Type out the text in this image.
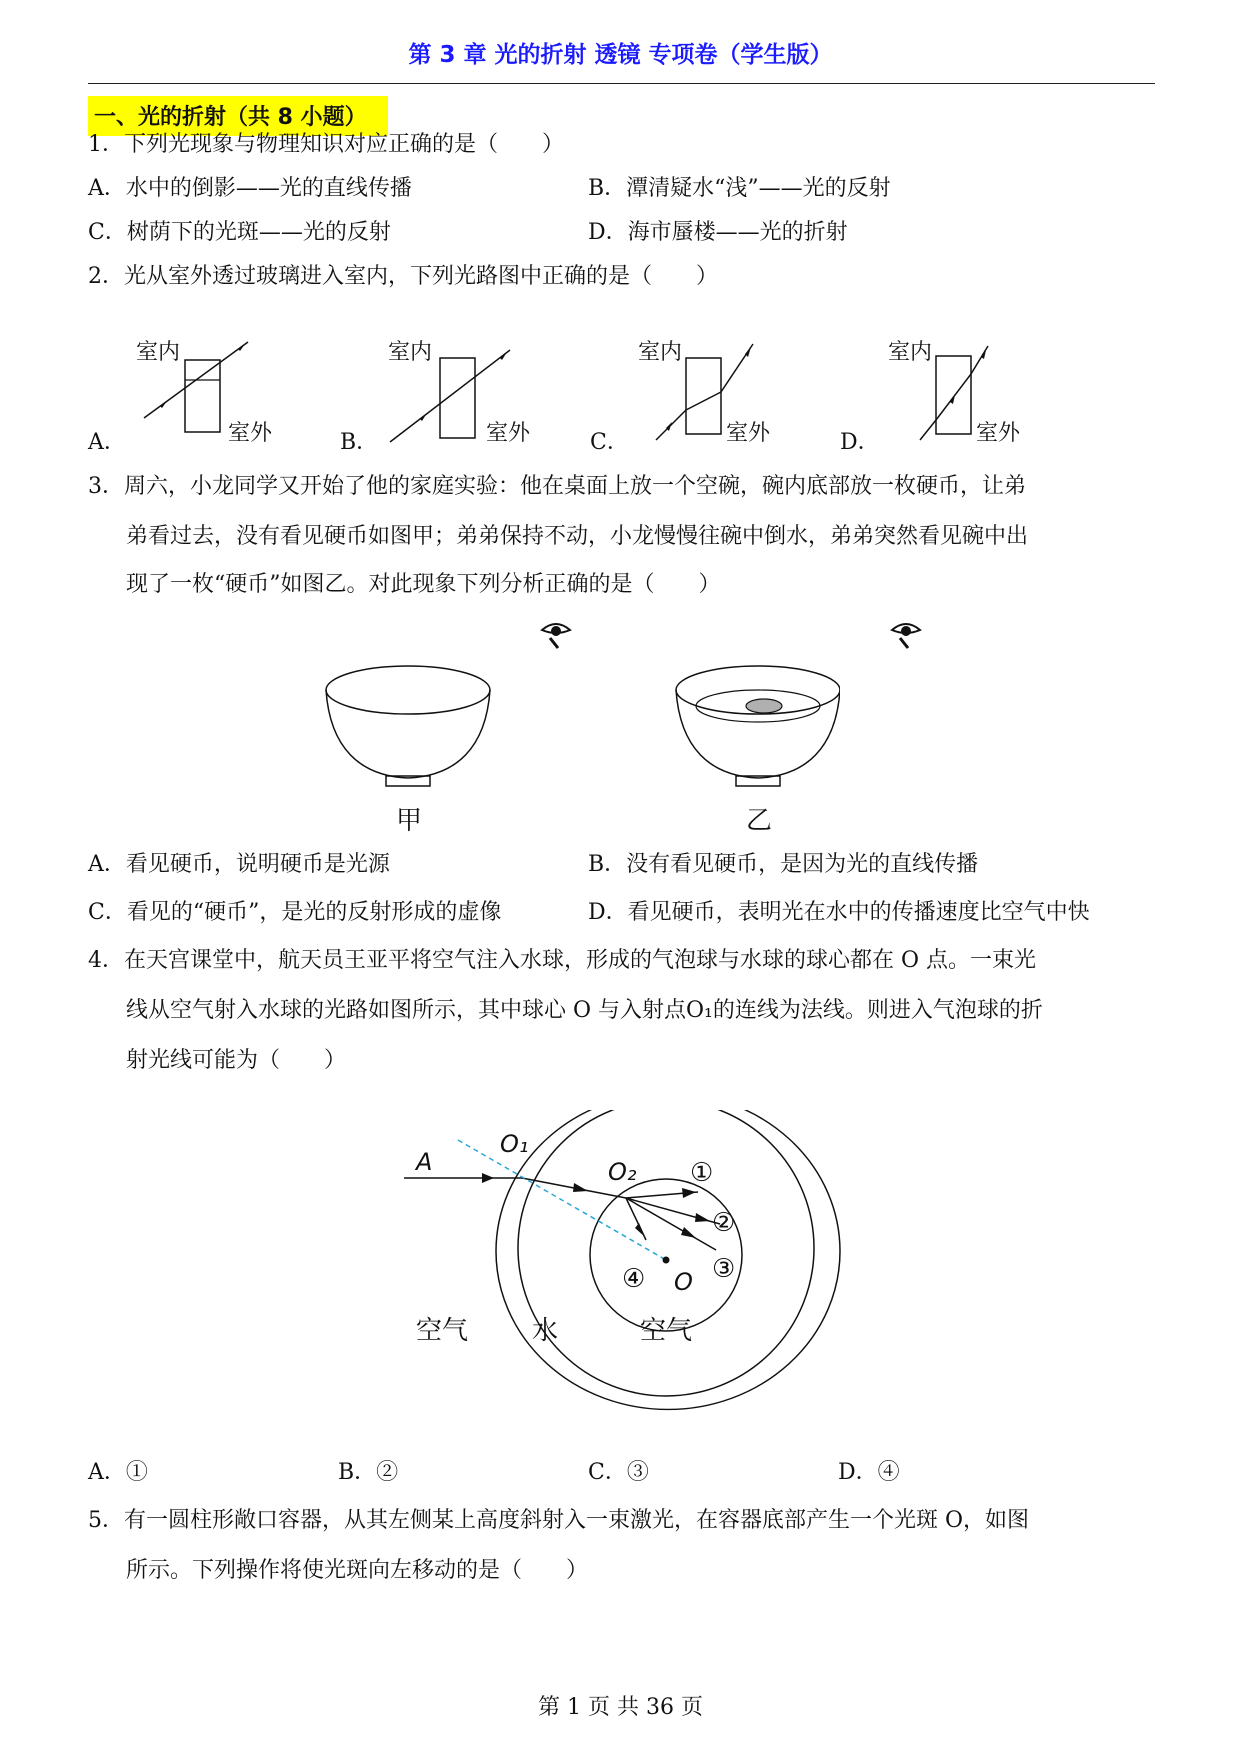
第 3 章 光的折射 透镜 专项卷（学生版）
一、光的折射（共 8 小题）
1．下列光现象与物理知识对应正确的是（　　）
A．水中的倒影——光的直线传播	B．潭清疑水“浅”——光的反射
C．树荫下的光斑——光的反射	D．海市蜃楼——光的折射
2．光从室外透过玻璃进入室内，下列光路图中正确的是（　　）
室内
室外
A．
室内
室外
B．
室内
室外
C．
室内
室外
D．
3．周六，小龙同学又开始了他的家庭实验：他在桌面上放一个空碗，碗内底部放一枚硬币，让弟
弟看过去，没有看见硬币如图甲；弟弟保持不动，小龙慢慢往碗中倒水，弟弟突然看见碗中出
现了一枚“硬币”如图乙。对此现象下列分析正确的是（　　）
甲	乙
A．看见硬币，说明硬币是光源	B．没有看见硬币，是因为光的直线传播
C．看见的“硬币”，是光的反射形成的虚像	D．看见硬币，表明光在水中的传播速度比空气中快
4．在天宫课堂中，航天员王亚平将空气注入水球，形成的气泡球与水球的球心都在 O 点。一束光
线从空气射入水球的光路如图所示，其中球心 O 与入射点O₁的连线为法线。则进入气泡球的折
射光线可能为（　　）
A
O₁
O₂ ①
②
③
④ O
空气 水	空气
A．①	B．②	C．③	D．④
5．有一圆柱形敞口容器，从其左侧某上高度斜射入一束激光，在容器底部产生一个光斑 O，如图
所示。下列操作将使光斑向左移动的是（　　）
第 1 页 共 36 页
